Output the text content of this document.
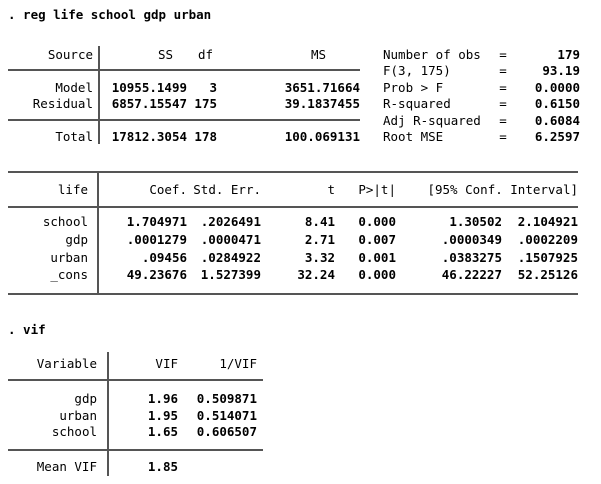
. reg life school gdp urban
Source	SS	df	MS	Number of obs	=	179
F(3, 175)	=	93.19
Model	10955.1499	3	3651.71664 Prob > F	=	0.0000
Residual	6857.15547 175	39.1837455 R-squared	=	0.6150
Adj R-squared	=	0.6084
Total	17812.3054 178	100.069131 Root MSE	=	6.2597
life	Coef. Std. Err.	t	P>|t|	[95% Conf. Interval]
school	1.704971	.2026491	8.41	0.000	1.30502	2.104921
gdp	.0001279	.0000471	2.71	0.007	.0000349	.0002209
urban	.09456	.0284922	3.32	0.001	.0383275	.1507925
_cons	49.23676	1.527399	32.24	0.000	46.22227	52.25126
. vif
Variable	VIF	1/VIF
gdp	1.96	0.509871
urban	1.95	0.514071
school	1.65	0.606507
Mean VIF	1.85
